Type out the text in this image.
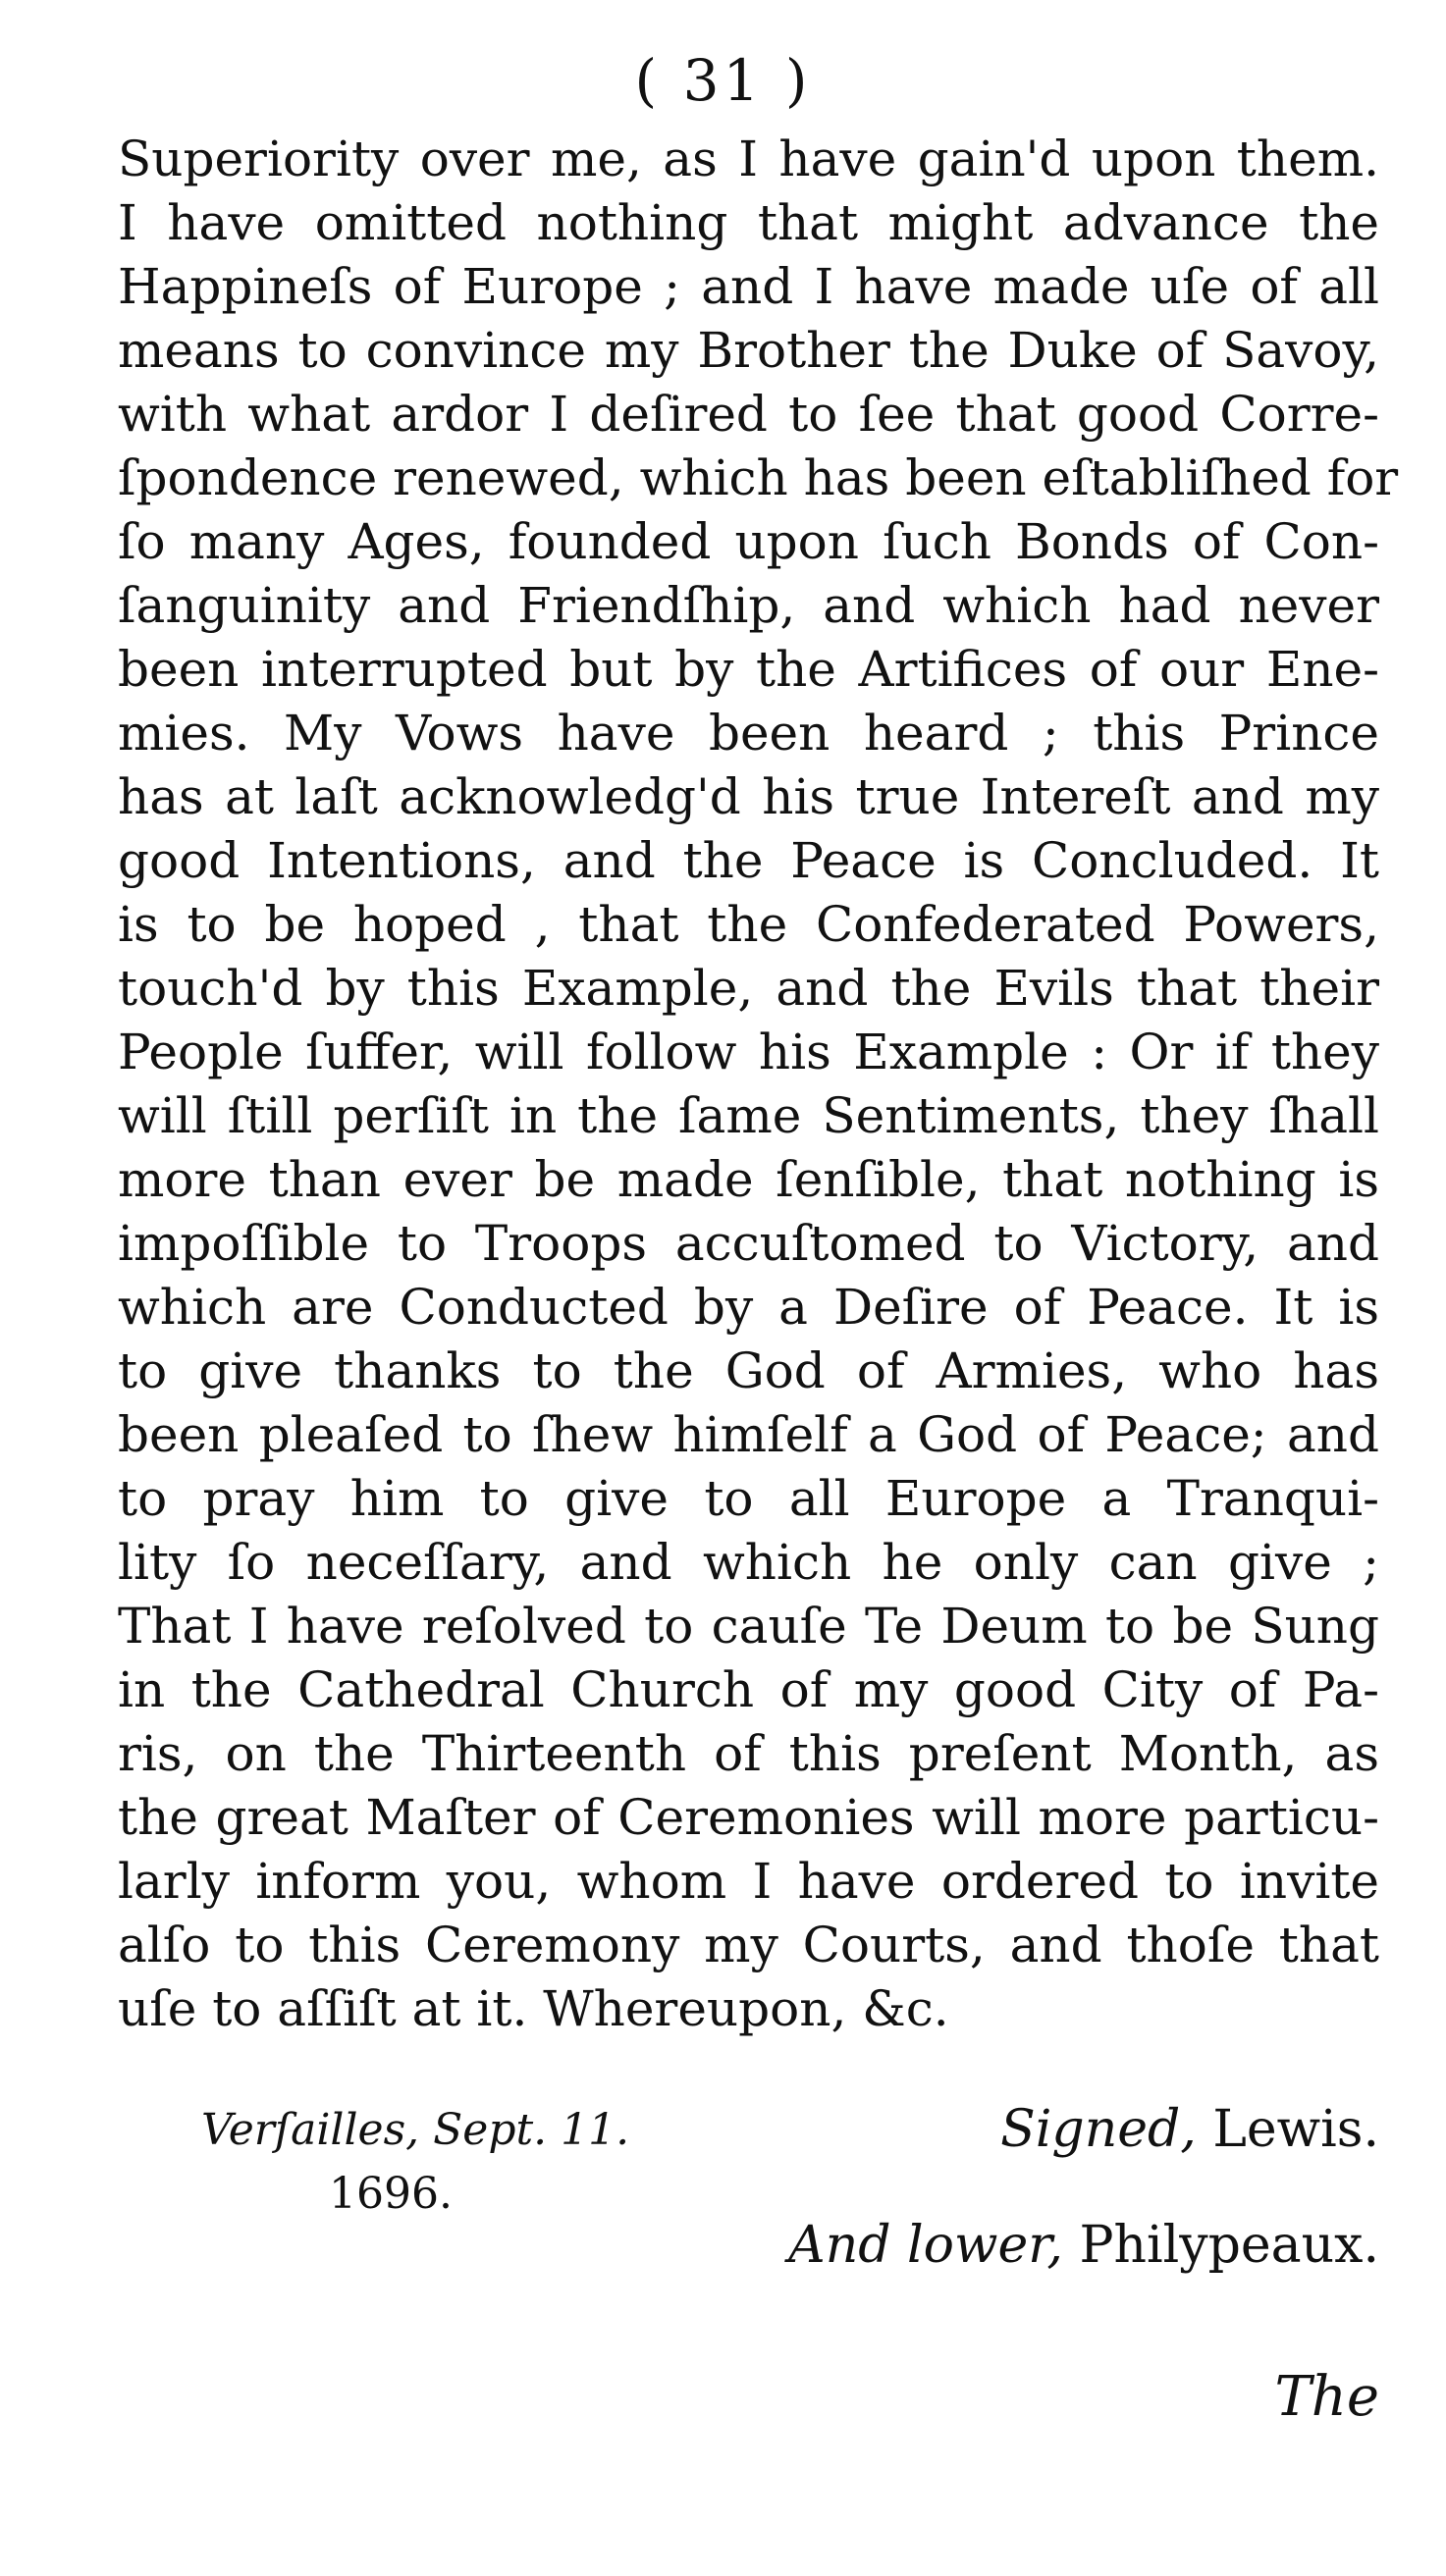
( 31 )
Superiority over me, as I have gain'd upon them.
I have omitted nothing that might advance the
Happineſs of Europe ; and I have made uſe of all
means to convince my Brother the Duke of Savoy,
with what ardor I deſired to ſee that good Corre-
ſpondence renewed, which has been eſtabliſhed for
ſo many Ages, founded upon ſuch Bonds of Con-
ſanguinity and Friendſhip, and which had never
been interrupted but by the Artifices of our Ene-
mies. My Vows have been heard ; this Prince
has at laſt acknowledg'd his true Intereſt and my
good Intentions, and the Peace is Concluded. It
is to be hoped , that the Confederated Powers,
touch'd by this Example, and the Evils that their
People ſuffer, will follow his Example : Or if they
will ſtill perſiſt in the ſame Sentiments, they ſhall
more than ever be made ſenſible, that nothing is
impoſſible to Troops accuſtomed to Victory, and
which are Conducted by a Deſire of Peace. It is
to give thanks to the God of Armies, who has
been pleaſed to ſhew himſelf a God of Peace; and
to pray him to give to all Europe a Tranqui-
lity ſo neceſſary, and which he only can give ;
That I have reſolved to cauſe Te Deum to be Sung
in the Cathedral Church of my good City of Pa-
ris, on the Thirteenth of this preſent Month, as
the great Maſter of Ceremonies will more particu-
larly inform you, whom I have ordered to invite
alſo to this Ceremony my Courts, and thoſe that
uſe to aſſiſt at it. Whereupon, &c.
Verſailles, Sept. 11.
1696.
Signed, Lewis.
And lower, Philypeaux.
The
